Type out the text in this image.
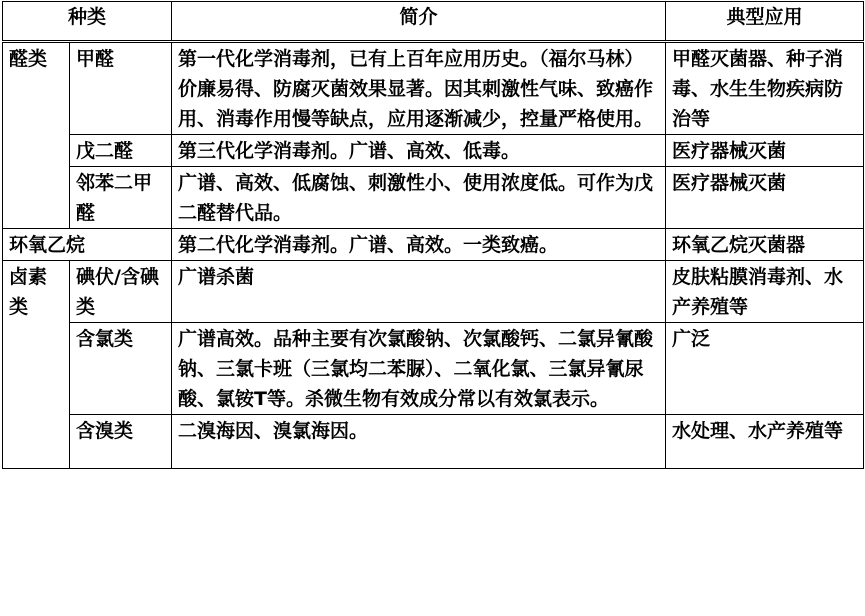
种类		简介	典型应用
醛类	甲醛	第一代化学消毒剂，已有上百年应用历史。（福尔马林）价廉易得、防腐灭菌效果显著。因其刺激性气味、致癌作用、消毒作用慢等缺点，应用逐渐减少，控量严格使用。	甲醛灭菌器、种子消毒、水生生物疾病防治等
	戊二醛	第三代化学消毒剂。广谱、高效、低毒。	医疗器械灭菌
	邻苯二甲醛	广谱、高效、低腐蚀、刺激性小、使用浓度低。可作为戊二醛替代品。	医疗器械灭菌
环氧乙烷		第二代化学消毒剂。广谱、高效。一类致癌。	环氧乙烷灭菌器
卤素类	碘伏/含碘类	广谱杀菌	皮肤粘膜消毒剂、水产养殖等
	含氯类	广谱高效。品种主要有次氯酸钠、次氯酸钙、二氯异氰酸钠、三氯卡班（三氯均二苯脲）、二氧化氯、三氯异氰尿酸、氯铵T等。杀微生物有效成分常以有效氯表示。	广泛
	含溴类	二溴海因、溴氯海因。	水处理、水产养殖等
